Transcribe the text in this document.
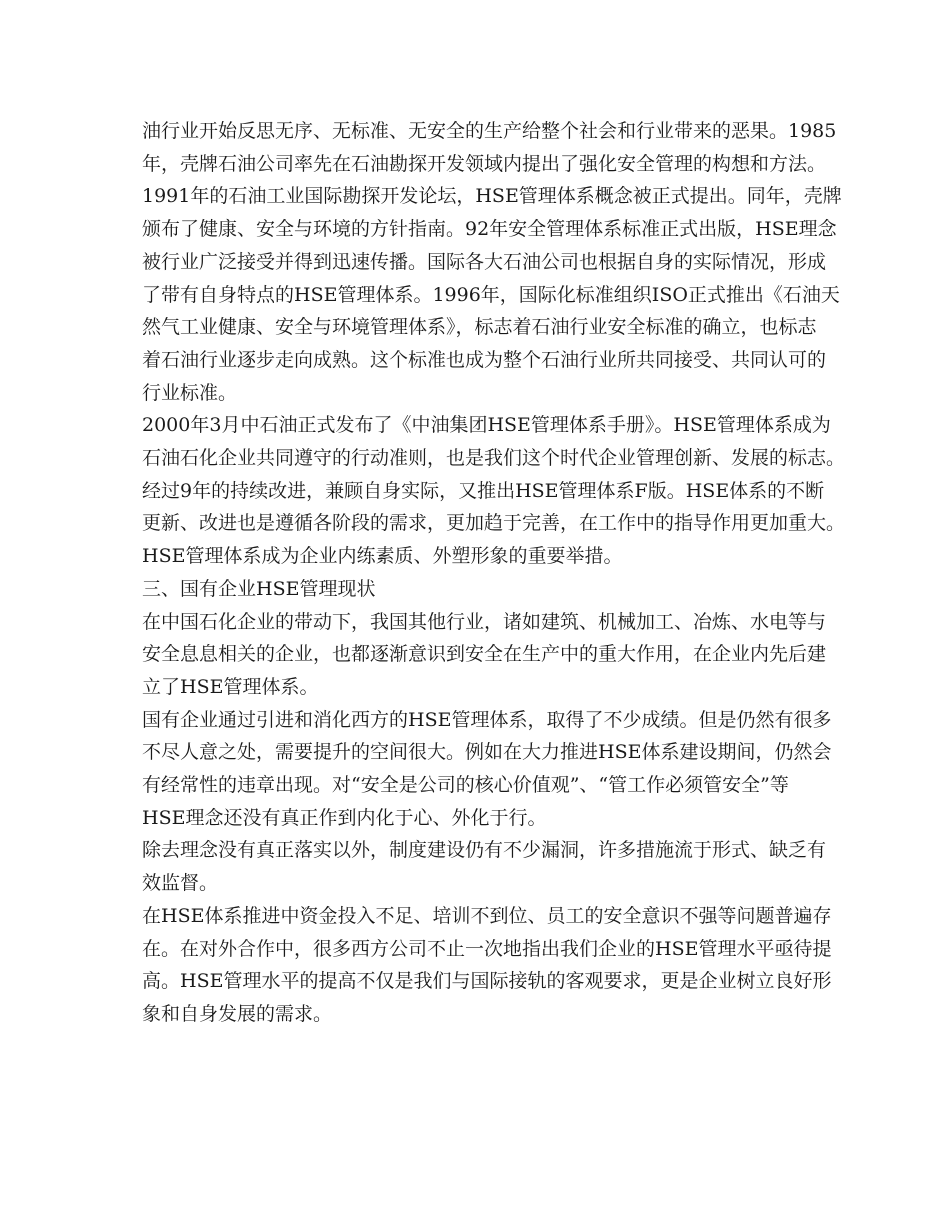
油行业开始反思无序、无标准、无安全的生产给整个社会和行业带来的恶果。1985

年，壳牌石油公司率先在石油勘探开发领域内提出了强化安全管理的构想和方法。

1991年的石油工业国际勘探开发论坛，HSE管理体系概念被正式提出。同年，壳牌

颁布了健康、安全与环境的方针指南。92年安全管理体系标准正式出版，HSE理念

被行业广泛接受并得到迅速传播。国际各大石油公司也根据自身的实际情况，形成

了带有自身特点的HSE管理体系。1996年，国际化标准组织ISO正式推出《石油天

然气工业健康、安全与环境管理体系》，标志着石油行业安全标准的确立，也标志

着石油行业逐步走向成熟。这个标准也成为整个石油行业所共同接受、共同认可的

行业标准。

2000年3月中石油正式发布了《中油集团HSE管理体系手册》。HSE管理体系成为

石油石化企业共同遵守的行动准则，也是我们这个时代企业管理创新、发展的标志。

经过9年的持续改进，兼顾自身实际，又推出HSE管理体系F版。HSE体系的不断

更新、改进也是遵循各阶段的需求，更加趋于完善，在工作中的指导作用更加重大。

HSE管理体系成为企业内练素质、外塑形象的重要举措。

三、国有企业HSE管理现状

在中国石化企业的带动下，我国其他行业，诸如建筑、机械加工、冶炼、水电等与

安全息息相关的企业，也都逐渐意识到安全在生产中的重大作用，在企业内先后建

立了HSE管理体系。

国有企业通过引进和消化西方的HSE管理体系，取得了不少成绩。但是仍然有很多

不尽人意之处，需要提升的空间很大。例如在大力推进HSE体系建设期间，仍然会

有经常性的违章出现。对“安全是公司的核心价值观”、“管工作必须管安全”等

HSE理念还没有真正作到内化于心、外化于行。

除去理念没有真正落实以外，制度建设仍有不少漏洞，许多措施流于形式、缺乏有

效监督。

在HSE体系推进中资金投入不足、培训不到位、员工的安全意识不强等问题普遍存

在。在对外合作中，很多西方公司不止一次地指出我们企业的HSE管理水平亟待提

高。HSE管理水平的提高不仅是我们与国际接轨的客观要求，更是企业树立良好形

象和自身发展的需求。
